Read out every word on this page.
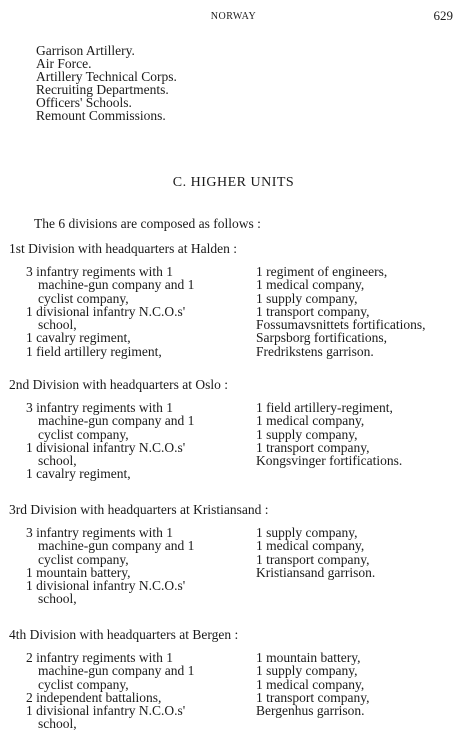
NORWAY	629
Garrison Artillery.
Air Force.
Artillery Technical Corps.
Recruiting Departments.
Officers' Schools.
Remount Commissions.
C. HIGHER UNITS
The 6 divisions are composed as follows :
1st Division with headquarters at Halden :
3 infantry regiments with 1
machine-gun company and 1
cyclist company,
1 divisional infantry N.C.O.s'
school,
1 cavalry regiment,
1 field artillery regiment,
1 regiment of engineers,
1 medical company,
1 supply company,
1 transport company,
Fossumavsnittets fortifications,
Sarpsborg fortifications,
Fredrikstens garrison.
2nd Division with headquarters at Oslo :
3 infantry regiments with 1
machine-gun company and 1
cyclist company,
1 divisional infantry N.C.O.s'
school,
1 cavalry regiment,
1 field artillery-regiment,
1 medical company,
1 supply company,
1 transport company,
Kongsvinger fortifications.
3rd Division with headquarters at Kristiansand :
3 infantry regiments with 1
machine-gun company and 1
cyclist company,
1 mountain battery,
1 divisional infantry N.C.O.s'
school,
1 supply company,
1 medical company,
1 transport company,
Kristiansand garrison.
4th Division with headquarters at Bergen :
2 infantry regiments with 1
machine-gun company and 1
cyclist company,
2 independent battalions,
1 divisional infantry N.C.O.s'
school,
1 mountain battery,
1 supply company,
1 medical company,
1 transport company,
Bergenhus garrison.
